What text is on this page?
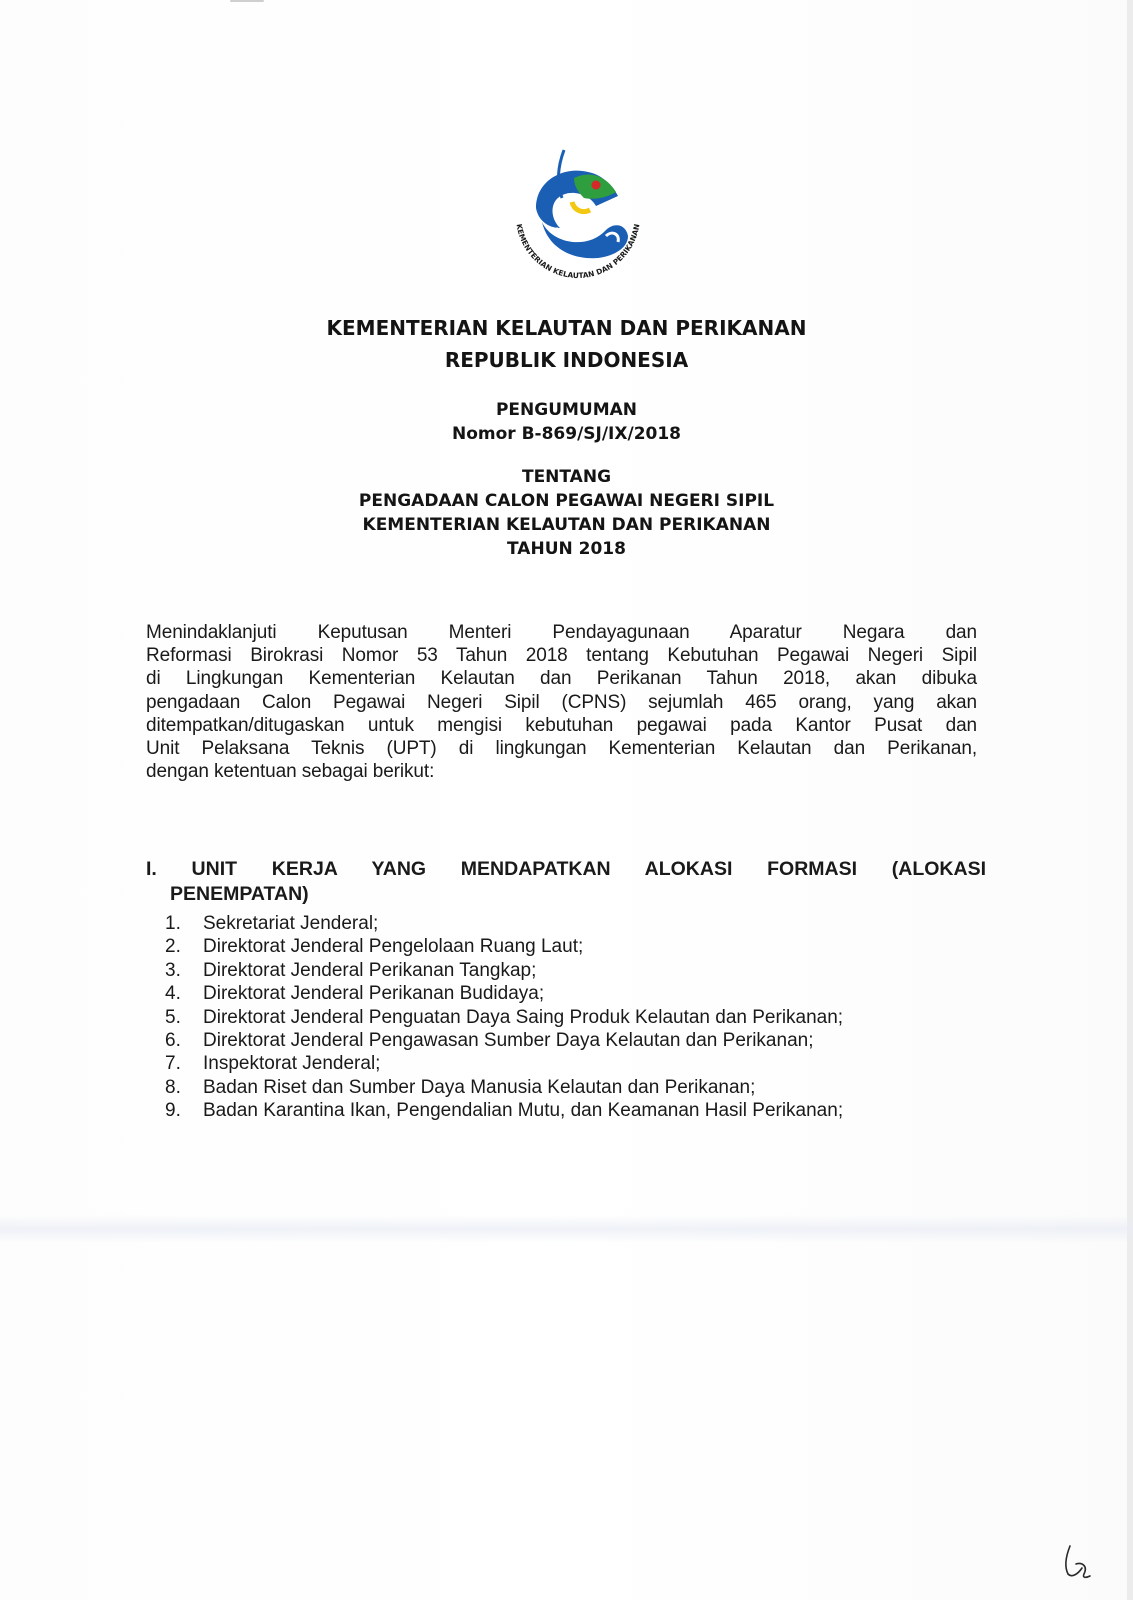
KEMENTERIAN KELAUTAN DAN PERIKANAN
KEMENTERIAN KELAUTAN DAN PERIKANAN
REPUBLIK INDONESIA
PENGUMUMAN
Nomor B-869/SJ/IX/2018
TENTANG
PENGADAAN CALON PEGAWAI NEGERI SIPIL
KEMENTERIAN KELAUTAN DAN PERIKANAN
TAHUN 2018
Menindaklanjuti Keputusan Menteri Pendayagunaan Aparatur Negara dan
Reformasi Birokrasi Nomor 53 Tahun 2018 tentang Kebutuhan Pegawai Negeri Sipil
di Lingkungan Kementerian Kelautan dan Perikanan Tahun 2018, akan dibuka
pengadaan Calon Pegawai Negeri Sipil (CPNS) sejumlah 465 orang, yang akan
ditempatkan/ditugaskan untuk mengisi kebutuhan pegawai pada Kantor Pusat dan
Unit Pelaksana Teknis (UPT) di lingkungan Kementerian Kelautan dan Perikanan,
dengan ketentuan sebagai berikut:
I. UNIT KERJA YANG MENDAPATKAN ALOKASI FORMASI (ALOKASI
PENEMPATAN)
1.	Sekretariat Jenderal;
2.	Direktorat Jenderal Pengelolaan Ruang Laut;
3.	Direktorat Jenderal Perikanan Tangkap;
4.	Direktorat Jenderal Perikanan Budidaya;
5.	Direktorat Jenderal Penguatan Daya Saing Produk Kelautan dan Perikanan;
6.	Direktorat Jenderal Pengawasan Sumber Daya Kelautan dan Perikanan;
7.	Inspektorat Jenderal;
8.	Badan Riset dan Sumber Daya Manusia Kelautan dan Perikanan;
9.	Badan Karantina Ikan, Pengendalian Mutu, dan Keamanan Hasil Perikanan;
